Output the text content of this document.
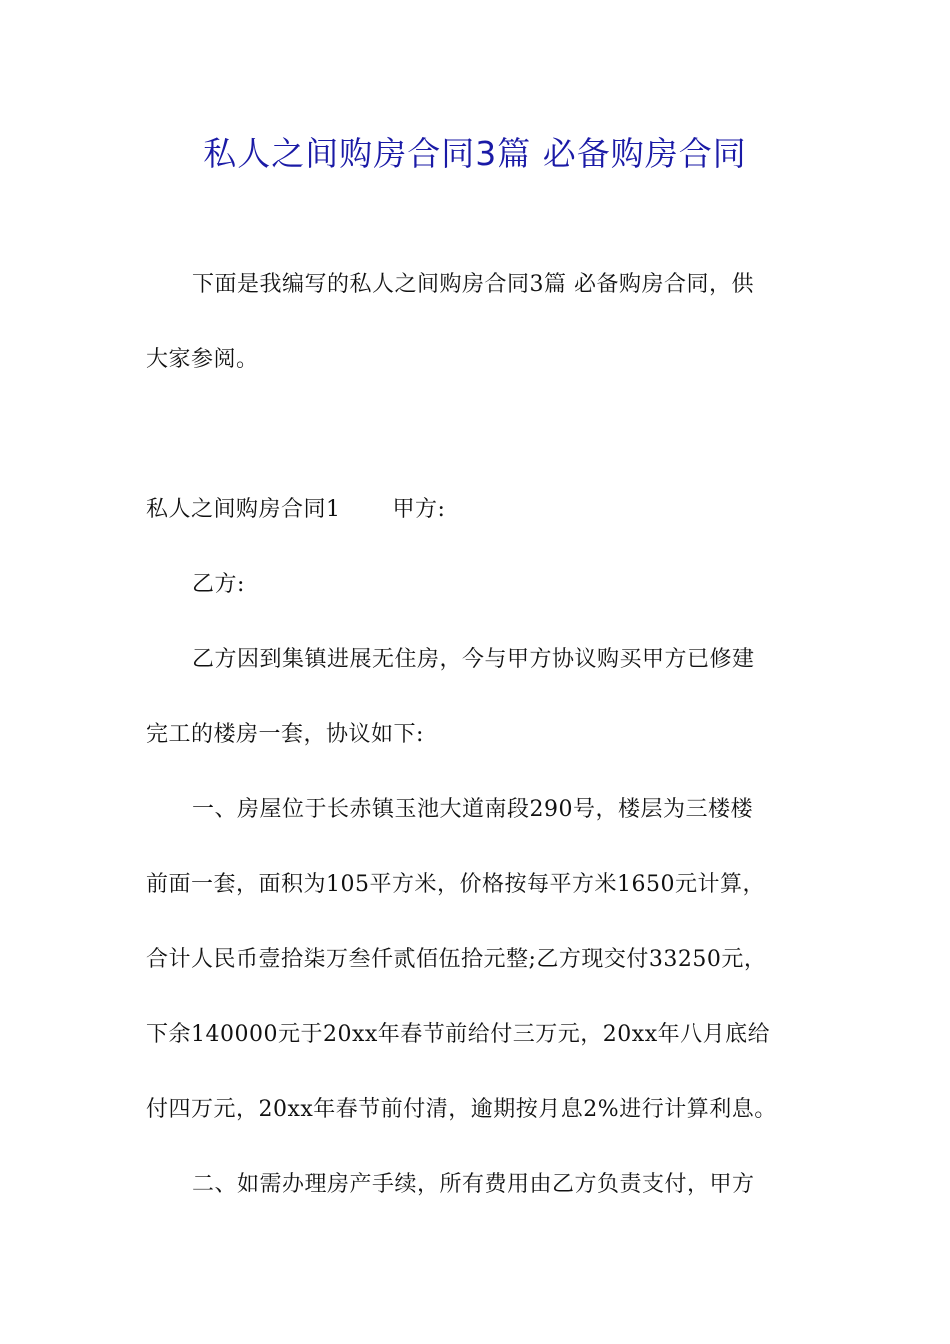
私人之间购房合同3篇 必备购房合同
下面是我编写的私人之间购房合同3篇 必备购房合同，供
大家参阅。
私人之间购房合同1 甲方:
乙方:
乙方因到集镇进展无住房，今与甲方协议购买甲方已修建
完工的楼房一套，协议如下:
一、房屋位于长赤镇玉池大道南段290号，楼层为三楼楼
前面一套，面积为105平方米，价格按每平方米1650元计算，
合计人民币壹拾柒万叁仟贰佰伍拾元整;乙方现交付33250元，
下余140000元于20xx年春节前给付三万元，20xx年八月底给
付四万元，20xx年春节前付清，逾期按月息2%进行计算利息。
二、如需办理房产手续，所有费用由乙方负责支付，甲方
